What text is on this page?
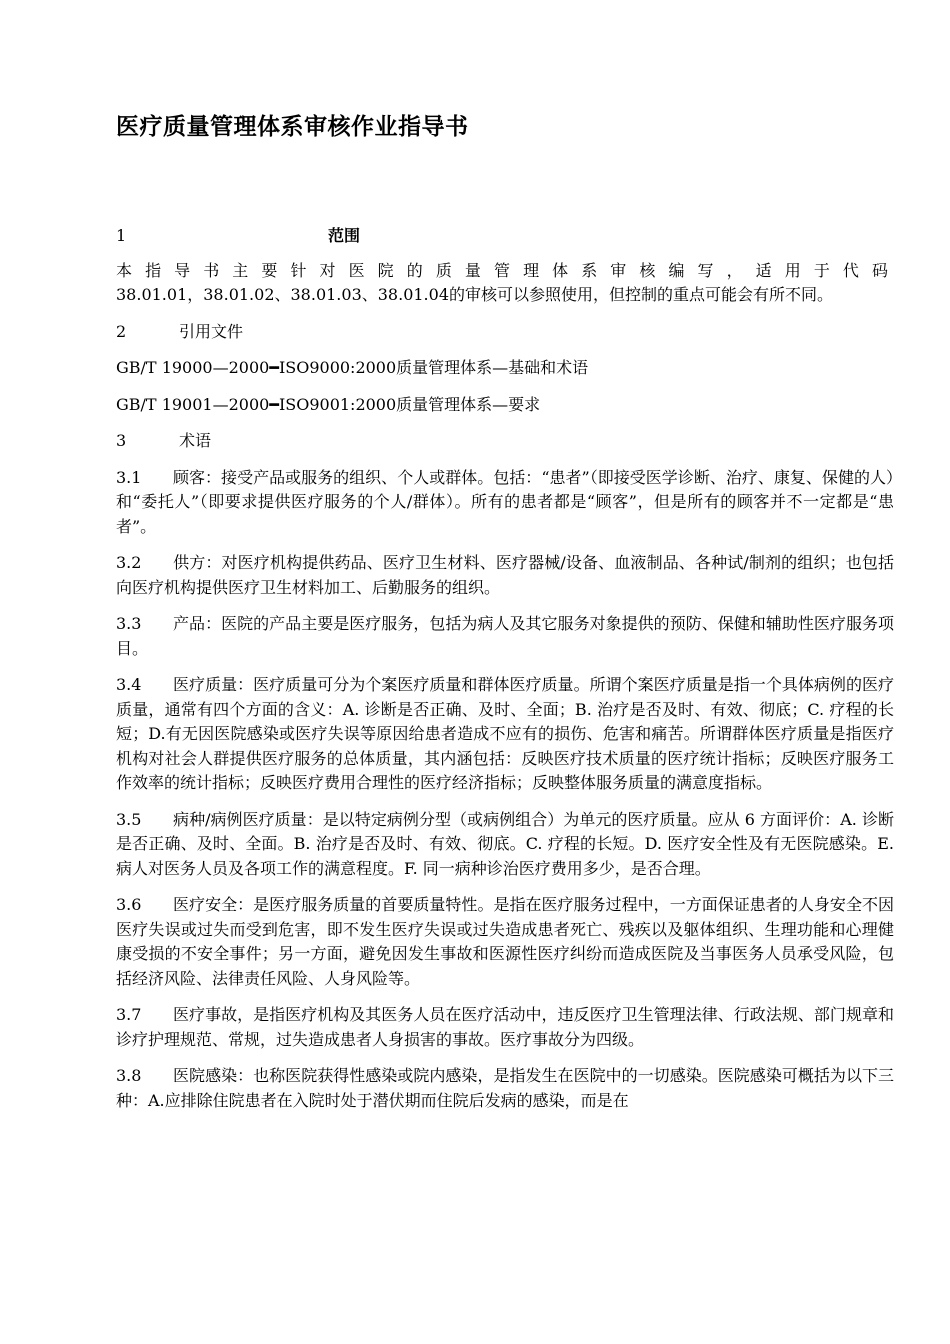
医疗质量管理体系审核作业指导书
1	范围
本指导书主要针对医院的质量管理体系审核编写，适用于代码
38.01.01，38.01.02、38.01.03、38.01.04的审核可以参照使用，但控制的重点可能会有所不同。
2	引用文件
GB/T 19000—2000━ISO9000:2000质量管理体系—基础和术语
GB/T 19001—2000━ISO9001:2000质量管理体系—要求
3	术语
3.1 顾客：接受产品或服务的组织、个人或群体。包括：“患者”（即接受医学诊断、治疗、康复、保健的人）和“委托人”（即要求提供医疗服务的个人/群体）。所有的患者都是“顾客”，但是所有的顾客并不一定都是“患者”。
3.2 供方：对医疗机构提供药品、医疗卫生材料、医疗器械/设备、血液制品、各种试/制剂的组织；也包括向医疗机构提供医疗卫生材料加工、后勤服务的组织。
3.3 产品：医院的产品主要是医疗服务，包括为病人及其它服务对象提供的预防、保健和辅助性医疗服务项目。
3.4 医疗质量：医疗质量可分为个案医疗质量和群体医疗质量。所谓个案医疗质量是指一个具体病例的医疗质量，通常有四个方面的含义：A. 诊断是否正确、及时、全面；B. 治疗是否及时、有效、彻底；C. 疗程的长短；D.有无因医院感染或医疗失误等原因给患者造成不应有的损伤、危害和痛苦。所谓群体医疗质量是指医疗机构对社会人群提供医疗服务的总体质量，其内涵包括：反映医疗技术质量的医疗统计指标；反映医疗服务工作效率的统计指标；反映医疗费用合理性的医疗经济指标；反映整体服务质量的满意度指标。
3.5 病种/病例医疗质量：是以特定病例分型（或病例组合）为单元的医疗质量。应从 6 方面评价：A. 诊断是否正确、及时、全面。B. 治疗是否及时、有效、彻底。C. 疗程的长短。D. 医疗安全性及有无医院感染。E. 病人对医务人员及各项工作的满意程度。F. 同一病种诊治医疗费用多少，是否合理。
3.6 医疗安全：是医疗服务质量的首要质量特性。是指在医疗服务过程中，一方面保证患者的人身安全不因医疗失误或过失而受到危害，即不发生医疗失误或过失造成患者死亡、残疾以及躯体组织、生理功能和心理健康受损的不安全事件；另一方面，避免因发生事故和医源性医疗纠纷而造成医院及当事医务人员承受风险，包括经济风险、法律责任风险、人身风险等。
3.7 医疗事故，是指医疗机构及其医务人员在医疗活动中，违反医疗卫生管理法律、行政法规、部门规章和诊疗护理规范、常规，过失造成患者人身损害的事故。医疗事故分为四级。
3.8 医院感染：也称医院获得性感染或院内感染，是指发生在医院中的一切感染。医院感染可概括为以下三种：A.应排除住院患者在入院时处于潜伏期而住院后发病的感染，而是在
